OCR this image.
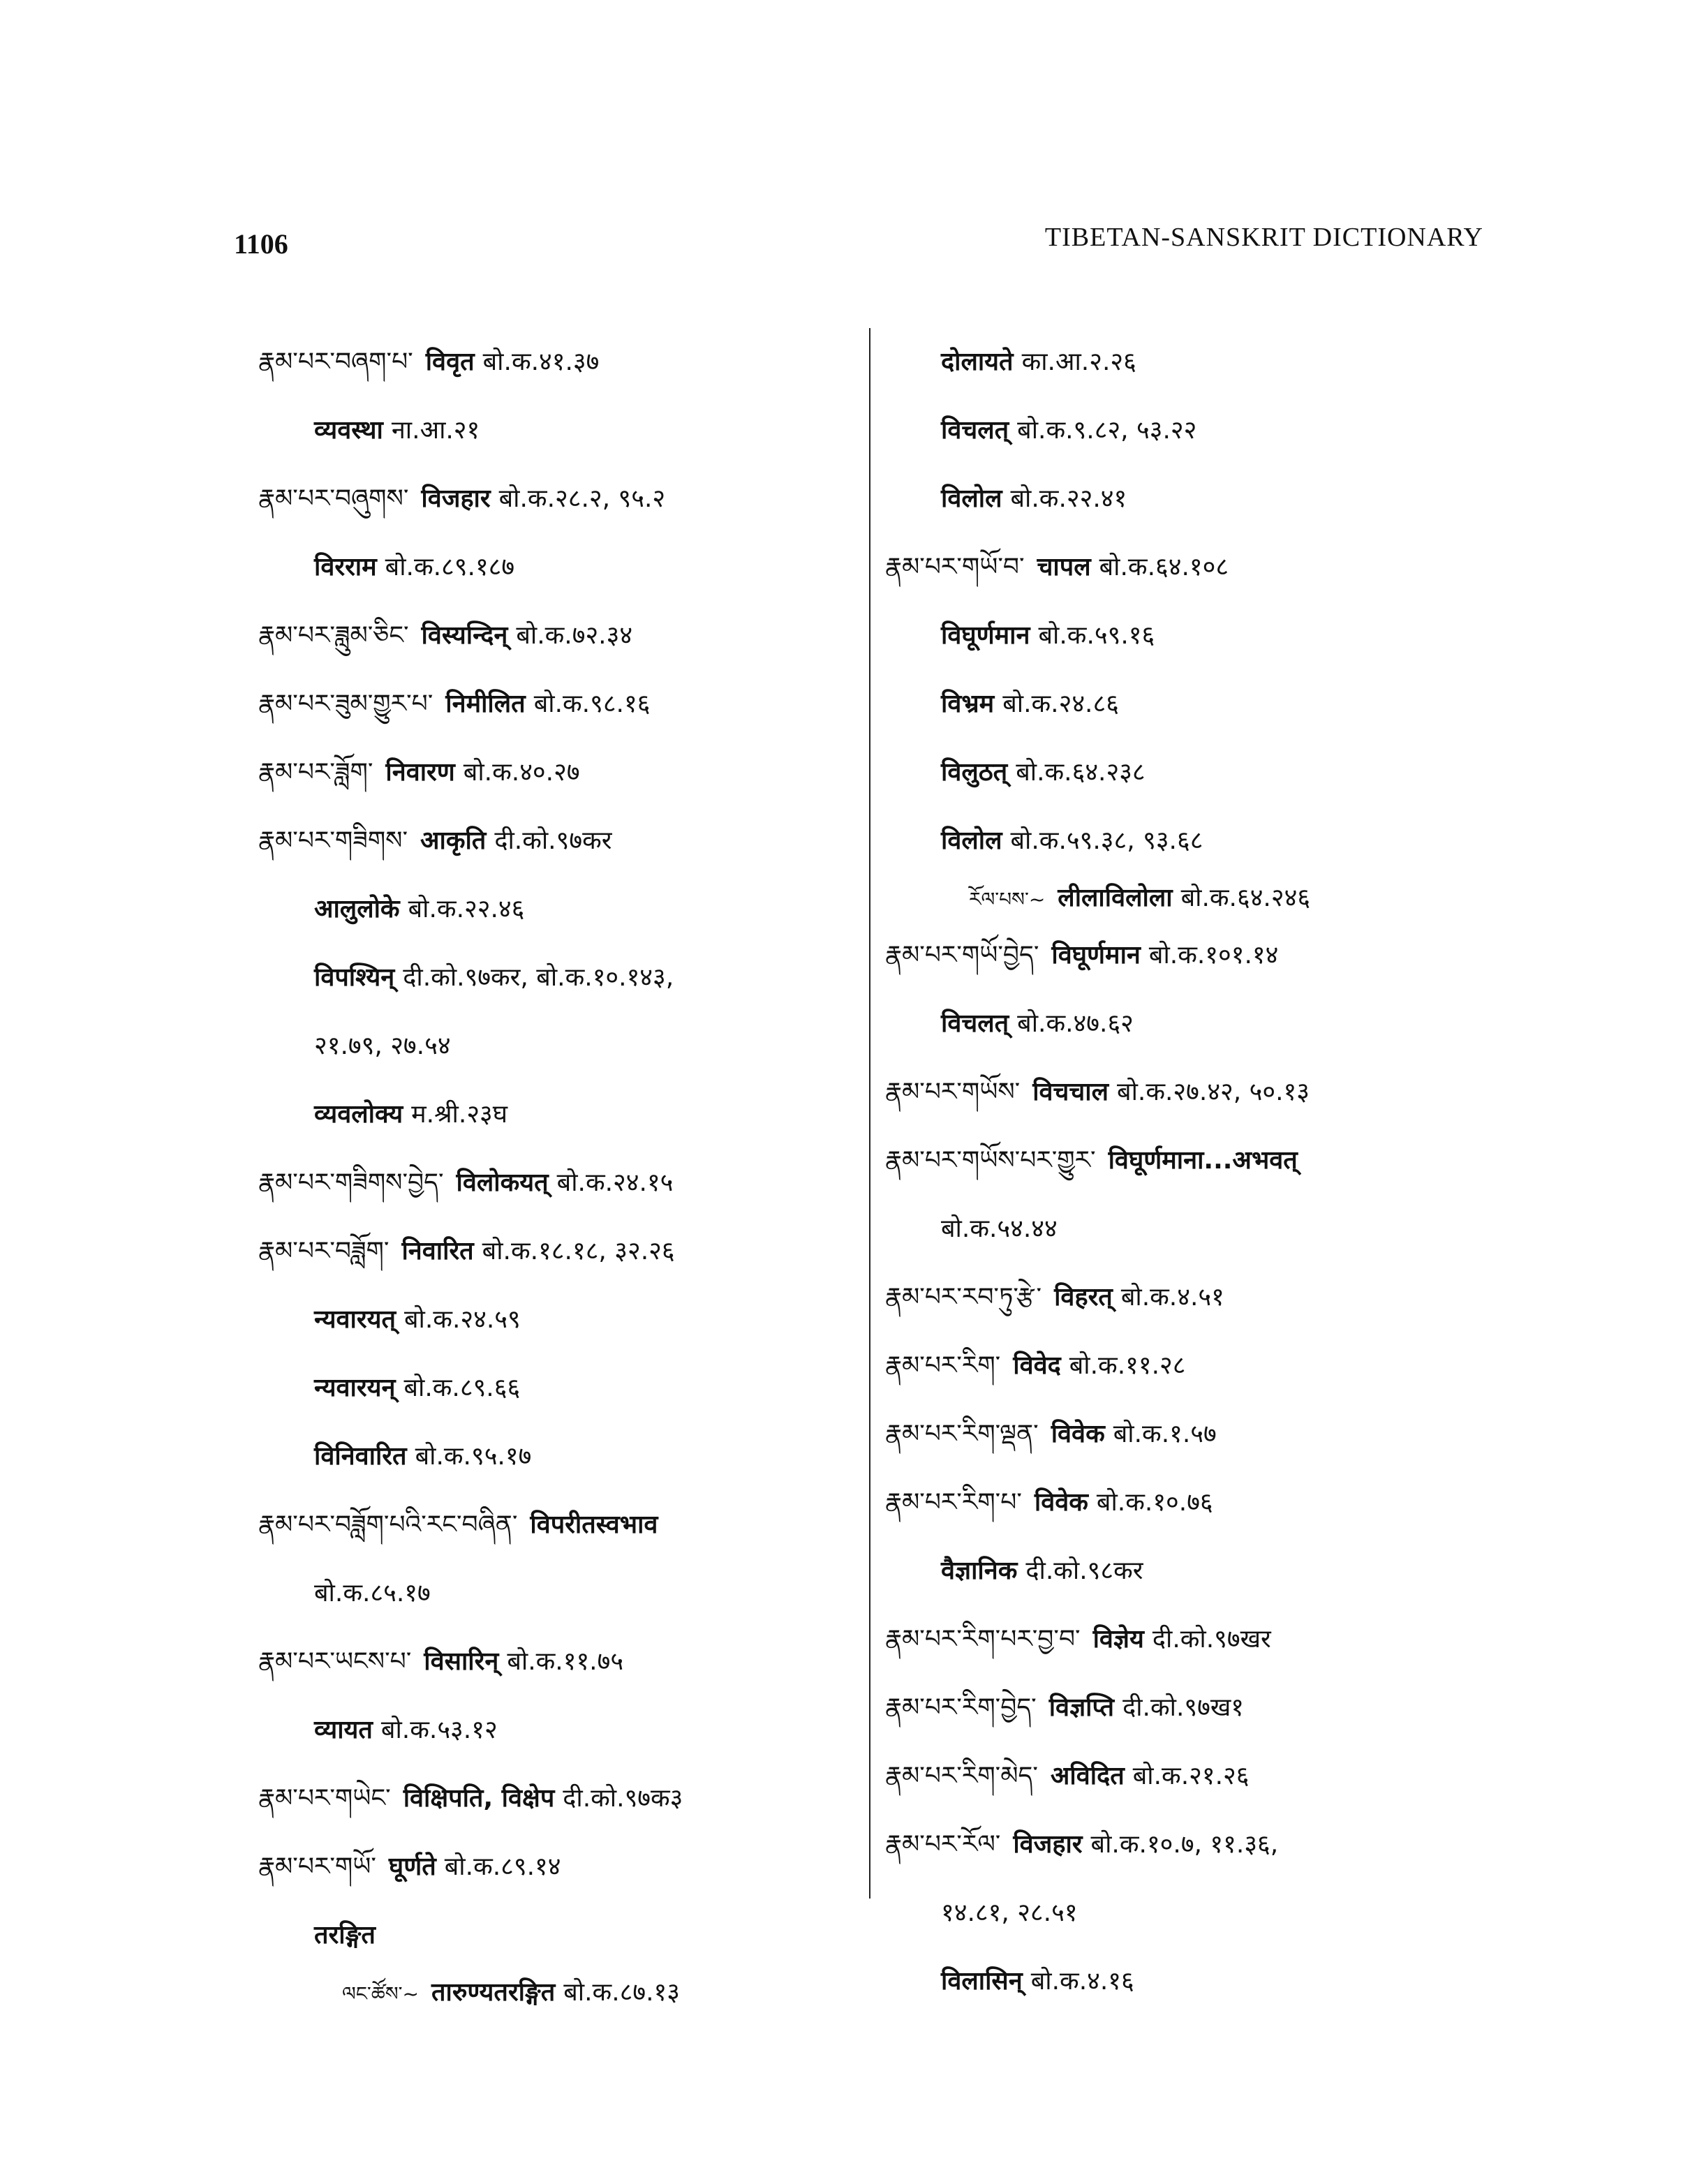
1106	TIBETAN-SANSKRIT DICTIONARY
རྣམ་པར་བཞག་པ་ विवृत बो.क.४१.३७
व्यवस्था ना.आ.२१
རྣམ་པར་བཞུགས་ विजहार बो.क.२८.२, ९५.२
विरराम बो.क.८९.१८७
རྣམ་པར་ཟླུམ་ཅིང་ विस्यन्दिन् बो.क.७२.३४
རྣམ་པར་ཟུམ་གྱུར་པ་ निमीलित बो.क.९८.१६
རྣམ་པར་ཟློག་ निवारण बो.क.४०.२७
རྣམ་པར་གཟིགས་ आकृति दी.को.९७कर
आलुलोके बो.क.२२.४६
विपश्यिन् दी.को.९७कर, बो.क.१०.१४३,
२१.७९, २७.५४
व्यवलोक्य म.श्री.२३घ
རྣམ་པར་གཟིགས་བྱེད་ विलोकयत् बो.क.२४.१५
རྣམ་པར་བཟློག་ निवारित बो.क.१८.१८, ३२.२६
न्यवारयत् बो.क.२४.५९
न्यवारयन् बो.क.८९.६६
विनिवारित बो.क.९५.१७
རྣམ་པར་བཟློག་པའི་རང་བཞིན་ विपरीतस्वभाव
बो.क.८५.१७
རྣམ་པར་ཡངས་པ་ विसारिन् बो.क.११.७५
व्यायत बो.क.५३.१२
རྣམ་པར་གཡེང་ विक्षिपति, विक्षेप दी.को.९७क३
རྣམ་པར་གཡོ་ घूर्णते बो.क.८९.१४
तरङ्गित
ལང་ཚོས་~ तारुण्यतरङ्गित बो.क.८७.१३
दोलायते का.आ.२.२६
विचलत् बो.क.९.८२, ५३.२२
विलोल बो.क.२२.४१
རྣམ་པར་གཡོ་བ་ चापल बो.क.६४.१०८
विघूर्णमान बो.क.५९.१६
विभ्रम बो.क.२४.८६
विलुठत् बो.क.६४.२३८
विलोल बो.क.५९.३८, ९३.६८
རོལ་པས་~ लीलाविलोला बो.क.६४.२४६
རྣམ་པར་གཡོ་བྱེད་ विघूर्णमान बो.क.१०१.१४
विचलत् बो.क.४७.६२
རྣམ་པར་གཡོས་ विचचाल बो.क.२७.४२, ५०.१३
རྣམ་པར་གཡོས་པར་གྱུར་ विघूर्णमाना...अभवत्
बो.क.५४.४४
རྣམ་པར་རབ་ཏུ་རྩེ་ विहरत् बो.क.४.५१
རྣམ་པར་རིག་ विवेद बो.क.११.२८
རྣམ་པར་རིག་ལྡན་ विवेक बो.क.१.५७
རྣམ་པར་རིག་པ་ विवेक बो.क.१०.७६
वैज्ञानिक दी.को.९८कर
རྣམ་པར་རིག་པར་བྱ་བ་ विज्ञेय दी.को.९७खर
རྣམ་པར་རིག་བྱེད་ विज्ञप्ति दी.को.९७ख१
རྣམ་པར་རིག་མེད་ अविदित बो.क.२१.२६
རྣམ་པར་རོལ་ विजहार बो.क.१०.७, ११.३६,
१४.८१, २८.५१
विलासिन् बो.क.४.१६
